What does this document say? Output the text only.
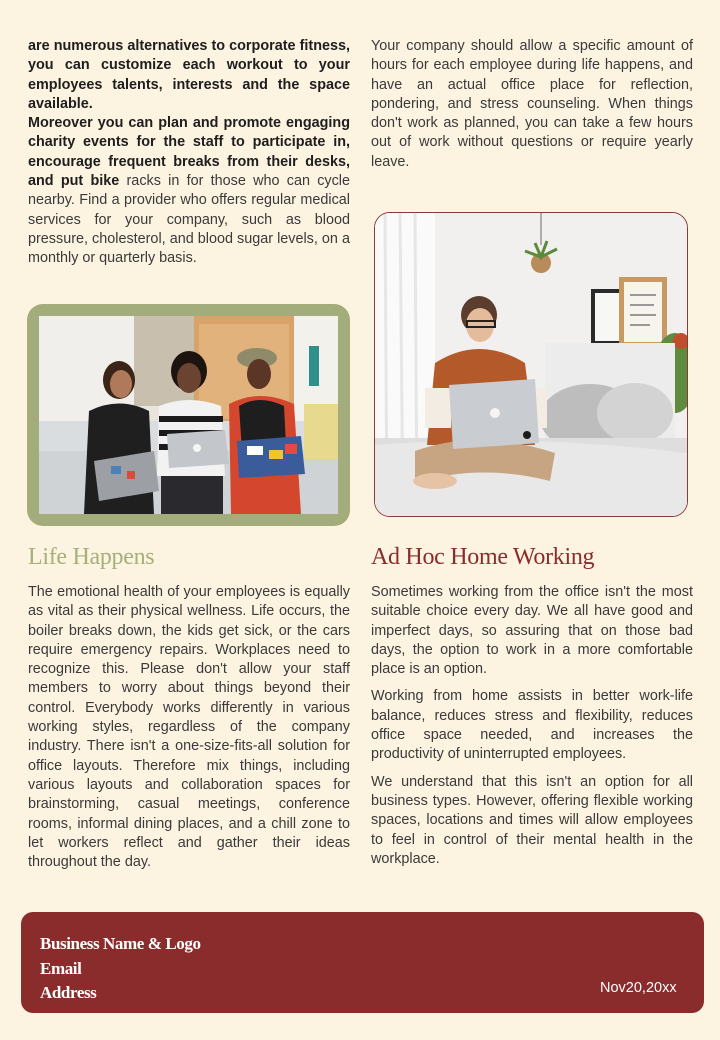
are numerous alternatives to corporate fitness, you can customize each workout to your employees talents, interests and the space available.
Moreover you can plan and promote engaging charity events for the staff to participate in, encourage frequent breaks from their desks, and put bike racks in for those who can cycle nearby. Find a provider who offers regular medical services for your company, such as blood pressure, cholesterol, and blood sugar levels, on a monthly or quarterly basis.

Your company should allow a specific amount of hours for each employee during life happens, and have an actual office place for reflection, pondering, and stress counseling. When things don't work as planned, you can take a few hours out of work without questions or require yearly leave.

Life Happens	Ad Hoc Home Working

The emotional health of your employees is equally as vital as their physical wellness. Life occurs, the boiler breaks down, the kids get sick, or the cars require emergency repairs. Workplaces need to recognize this. Please don't allow your staff members to worry about things beyond their control. Everybody works differently in various working styles, regardless of the company industry. There isn't a one-size-fits-all solution for office layouts. Therefore mix things, including various layouts and collaboration spaces for brainstorming, casual meetings, conference rooms, informal dining places, and a chill zone to let workers reflect and gather their ideas throughout the day.

Sometimes working from the office isn't the most suitable choice every day. We all have good and imperfect days, so assuring that on those bad days, the option to work in a more comfortable place is an option.

Working from home assists in better work-life balance, reduces stress and flexibility, reduces office space needed, and increases the productivity of uninterrupted employees.

We understand that this isn't an option for all business types. However, offering flexible working spaces, locations and times will allow employees to feel in control of their mental health in the workplace.

Business Name & Logo
Email
Address	Nov20,20xx
